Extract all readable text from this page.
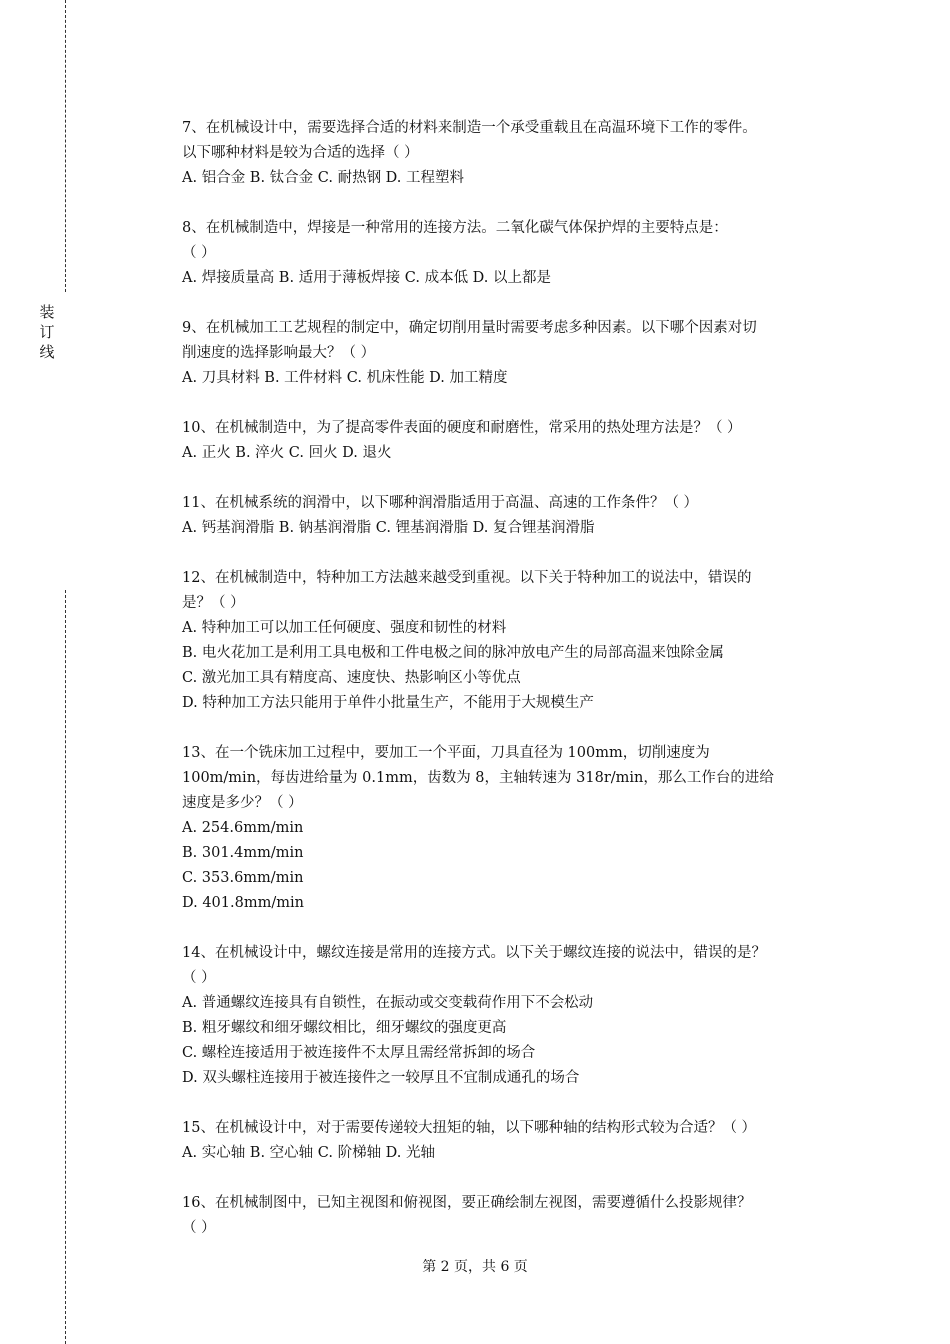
装订线

7、在机械设计中，需要选择合适的材料来制造一个承受重载且在高温环境下工作的零件。

以下哪种材料是较为合适的选择（ ）

A. 铝合金 B. 钛合金 C. 耐热钢 D. 工程塑料

8、在机械制造中，焊接是一种常用的连接方法。二氧化碳气体保护焊的主要特点是：

（ ）

A. 焊接质量高 B. 适用于薄板焊接 C. 成本低 D. 以上都是

9、在机械加工工艺规程的制定中，确定切削用量时需要考虑多种因素。以下哪个因素对切

削速度的选择影响最大？（ ）

A. 刀具材料 B. 工件材料 C. 机床性能 D. 加工精度

10、在机械制造中，为了提高零件表面的硬度和耐磨性，常采用的热处理方法是？（ ）

A. 正火 B. 淬火 C. 回火 D. 退火

11、在机械系统的润滑中，以下哪种润滑脂适用于高温、高速的工作条件？（ ）

A. 钙基润滑脂 B. 钠基润滑脂 C. 锂基润滑脂 D. 复合锂基润滑脂

12、在机械制造中，特种加工方法越来越受到重视。以下关于特种加工的说法中，错误的

是？（ ）

A. 特种加工可以加工任何硬度、强度和韧性的材料

B. 电火花加工是利用工具电极和工件电极之间的脉冲放电产生的局部高温来蚀除金属

C. 激光加工具有精度高、速度快、热影响区小等优点

D. 特种加工方法只能用于单件小批量生产，不能用于大规模生产

13、在一个铣床加工过程中，要加工一个平面，刀具直径为 100mm，切削速度为

100m/min，每齿进给量为 0.1mm，齿数为 8，主轴转速为 318r/min，那么工作台的进给

速度是多少？（ ）

A. 254.6mm/min

B. 301.4mm/min

C. 353.6mm/min

D. 401.8mm/min

14、在机械设计中，螺纹连接是常用的连接方式。以下关于螺纹连接的说法中，错误的是？

（ ）

A. 普通螺纹连接具有自锁性，在振动或交变载荷作用下不会松动

B. 粗牙螺纹和细牙螺纹相比，细牙螺纹的强度更高

C. 螺栓连接适用于被连接件不太厚且需经常拆卸的场合

D. 双头螺柱连接用于被连接件之一较厚且不宜制成通孔的场合

15、在机械设计中，对于需要传递较大扭矩的轴，以下哪种轴的结构形式较为合适？（ ）

A. 实心轴 B. 空心轴 C. 阶梯轴 D. 光轴

16、在机械制图中，已知主视图和俯视图，要正确绘制左视图，需要遵循什么投影规律？

（ ）

第 2 页，共 6 页
